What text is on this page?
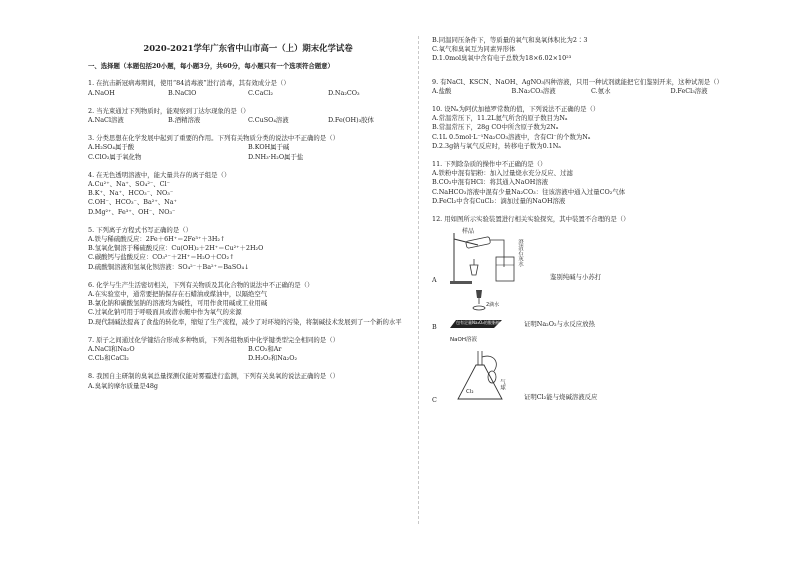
2020-2021学年广东省中山市高一（上）期末化学试卷
一、选择题（本题包括20小题，每小题3分，共60分，每小题只有一个选项符合题意）

1. 在抗击新冠病毒期间，使用“84消毒液”进行消毒，其有效成分是（）

A.NaOH	B.NaClO	C.CaCl₂	D.Na₂CO₃

2. 当光束通过下列物质时，能观察到丁达尔现象的是（）

A.NaCl溶液	B.酒精溶液	C.CuSO₄溶液	D.Fe(OH)₃胶体

3. 分类思想在化学发展中起到了重要的作用。下列有关物质分类的说法中不正确的是（）

A.H₂SO₄属于酸	B.KOH属于碱
C.ClO₂属于氧化物	D.NH₃·H₂O属于盐

4. 在无色透明溶液中，能大量共存的离子组是（）

A.Cu²⁺、Na⁺、SO₄²⁻、Cl⁻

B.K⁺、Na⁺、HCO₃⁻、NO₃⁻

C.OH⁻、HCO₃⁻、Ba²⁺、Na⁺

D.Mg²⁺、Fe³⁺、OH⁻、NO₃⁻

5. 下列离子方程式书写正确的是（）

A.铁与稀硫酸反应：2Fe＋6H⁺＝2Fe³⁺＋3H₂↑

B.氢氧化铜溶于稀硫酸反应：Cu(OH)₂＋2H⁺＝Cu²⁺＋2H₂O

C.碳酸钙与盐酸反应：CO₃²⁻＋2H⁺＝H₂O＋CO₂↑

D.硫酸铜溶液和氢氧化钡溶液：SO₄²⁻＋Ba²⁺＝BaSO₄↓

6. 化学与生产生活密切相关，下列有关物质及其化合物的说法中不正确的是（）

A.在实验室中，通常要把钠保存在石蜡油或煤油中，以隔绝空气

B.氯化钠和碳酸氢钠的溶液均为碱性，可用作食用碱或工业用碱

C.过氧化钠可用于呼吸面具或潜水艇中作为氧气的来源

D.现代制碱法提高了食盐的转化率，缩短了生产流程，减少了对环境的污染，将制碱技术发展到了一个新的水平

7. 原子之间通过化学键结合形成多种物质，下列各组物质中化学键类型完全相同的是（）

A.NaCl和Na₂O	B.CO₂和Ar
C.Cl₂和CaCl₂	D.H₂O₂和Na₂O₂

8. 我国自主研制的臭氧总量探测仪能对雾霾进行监测，下列有关臭氧的说法正确的是（）

A.臭氧的摩尔质量是48g

B.同温同压条件下，等质量的氧气和臭氧体积比为2∶3

C.氧气和臭氧互为同素异形体

D.1.0mol臭氧中含有电子总数为18×6.02×10²³

9. 有NaCl、KSCN、NaOH、AgNO₃四种溶液，只用一种试剂就能把它们鉴别开来，这种试剂是（）

A.盐酸	B.Na₂CO₃溶液	C.氨水	D.FeCl₃溶液

10. 设Nₐ为阿伏加德罗常数的值，下列说法不正确的是（）

A.常温常压下，11.2L氦气所含的原子数目为Nₐ

B.常温常压下，28g CO中所含原子数为2Nₐ

C.1L 0.5mol·L⁻¹Na₂CO₃溶液中，含有Cl⁻的个数为Nₐ

D.2.3g钠与氧气反应时，转移电子数为0.1Nₐ

11. 下列除杂质的操作中不正确的是（）

A.铁粉中混有铝粉：加入过量烧水充分反应、过滤

B.CO₂中混有HCl：将其通入NaOH溶液

C.NaHCO₃溶液中混有少量Na₂CO₃：往该溶液中通入过量CO₂气体

D.FeCl₂中含有CuCl₂：滴加过量的NaOH溶液

12. 用如图所示实验装置进行相关实验探究，其中装置不合理的是（）

A
样品
澄清石灰水
鉴别纯碱与小苏打
B
2滴水
包有足量Na₂O₂的脱脂棉	证明Na₂O₂与水反应放热
C
NaOH溶液
气球
Cl₂
证明Cl₂能与烧碱溶液反应
